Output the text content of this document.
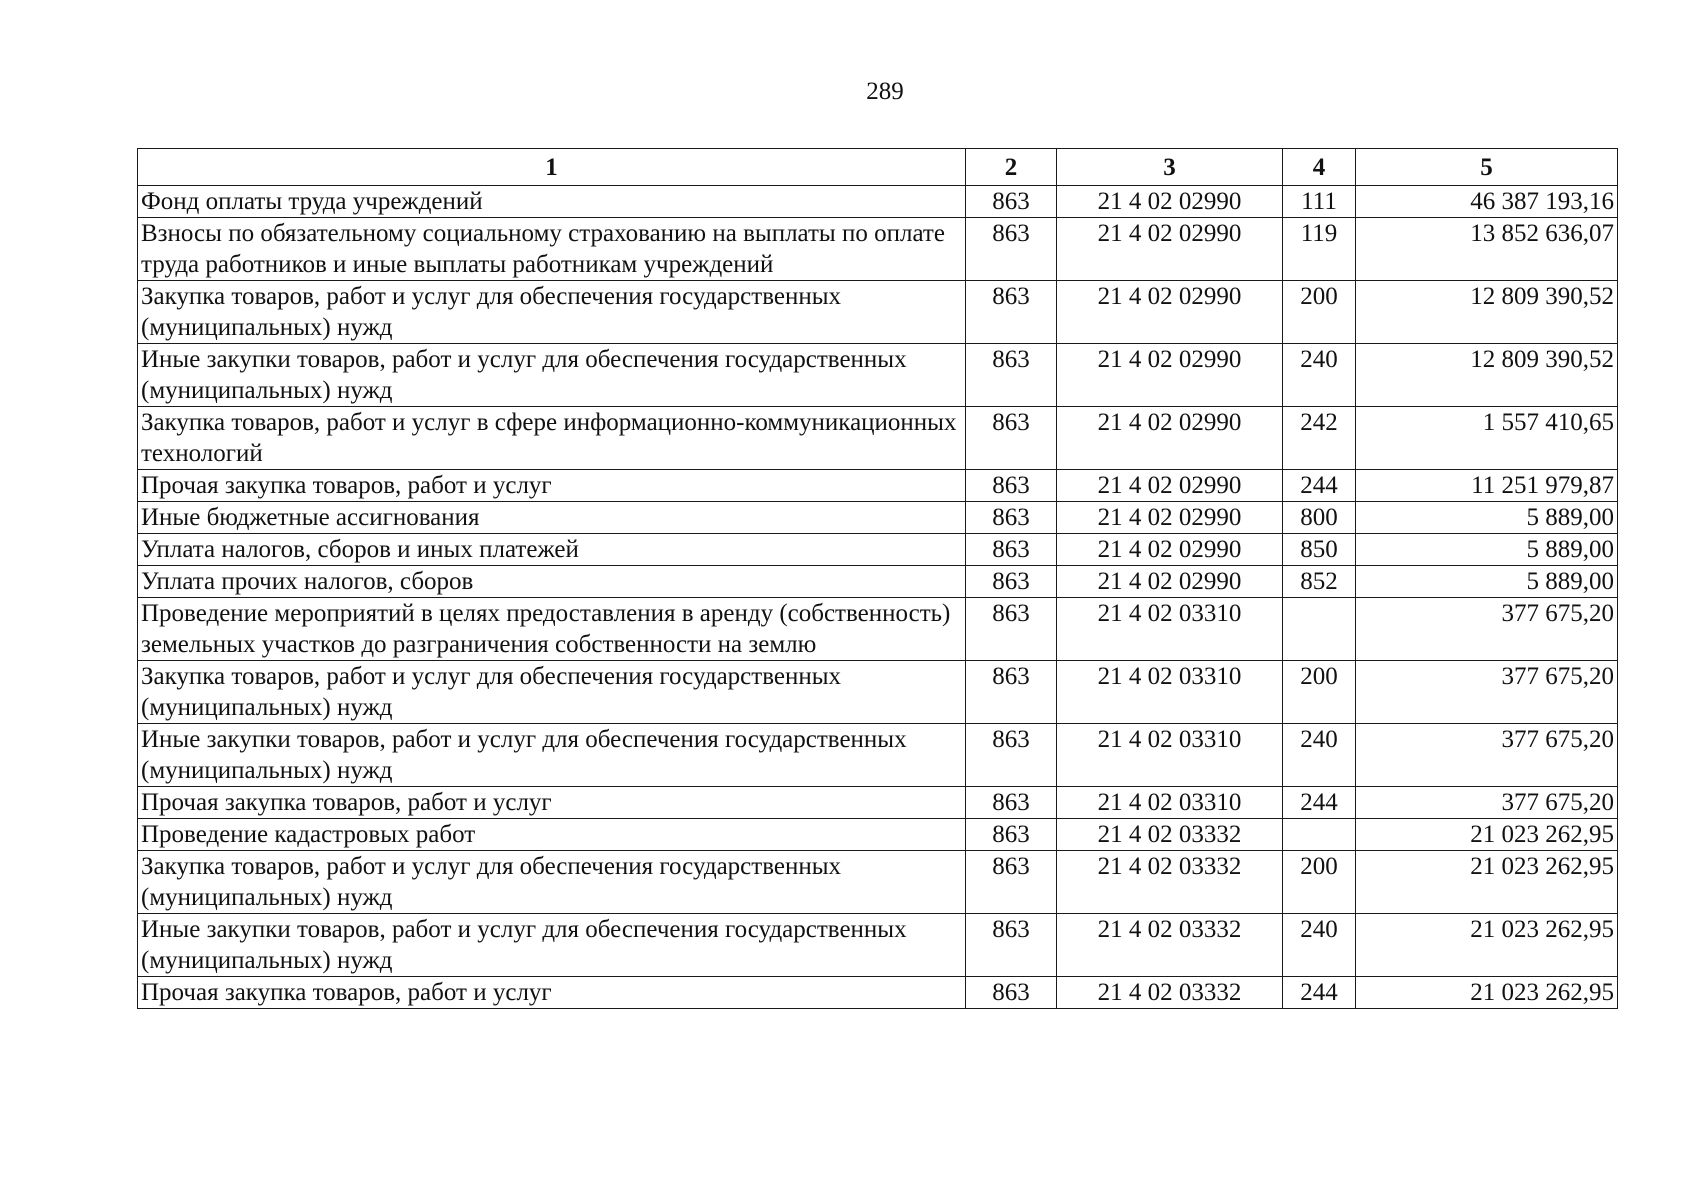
289
1	2	3	4	5
Фонд оплаты труда учреждений	863	21 4 02 02990	111	46 387 193,16
Взносы по обязательному социальному страхованию на выплаты по оплате труда работников и иные выплаты работникам учреждений	863	21 4 02 02990	119	13 852 636,07
Закупка товаров, работ и услуг для обеспечения государственных (муниципальных) нужд	863	21 4 02 02990	200	12 809 390,52
Иные закупки товаров, работ и услуг для обеспечения государственных (муниципальных) нужд	863	21 4 02 02990	240	12 809 390,52
Закупка товаров, работ и услуг в сфере информационно-коммуникационных технологий	863	21 4 02 02990	242	1 557 410,65
Прочая закупка товаров, работ и услуг	863	21 4 02 02990	244	11 251 979,87
Иные бюджетные ассигнования	863	21 4 02 02990	800	5 889,00
Уплата налогов, сборов и иных платежей	863	21 4 02 02990	850	5 889,00
Уплата прочих налогов, сборов	863	21 4 02 02990	852	5 889,00
Проведение мероприятий в целях предоставления в аренду (собственность) земельных участков до разграничения собственности на землю	863	21 4 02 03310		377 675,20
Закупка товаров, работ и услуг для обеспечения государственных (муниципальных) нужд	863	21 4 02 03310	200	377 675,20
Иные закупки товаров, работ и услуг для обеспечения государственных (муниципальных) нужд	863	21 4 02 03310	240	377 675,20
Прочая закупка товаров, работ и услуг	863	21 4 02 03310	244	377 675,20
Проведение кадастровых работ	863	21 4 02 03332		21 023 262,95
Закупка товаров, работ и услуг для обеспечения государственных (муниципальных) нужд	863	21 4 02 03332	200	21 023 262,95
Иные закупки товаров, работ и услуг для обеспечения государственных (муниципальных) нужд	863	21 4 02 03332	240	21 023 262,95
Прочая закупка товаров, работ и услуг	863	21 4 02 03332	244	21 023 262,95
